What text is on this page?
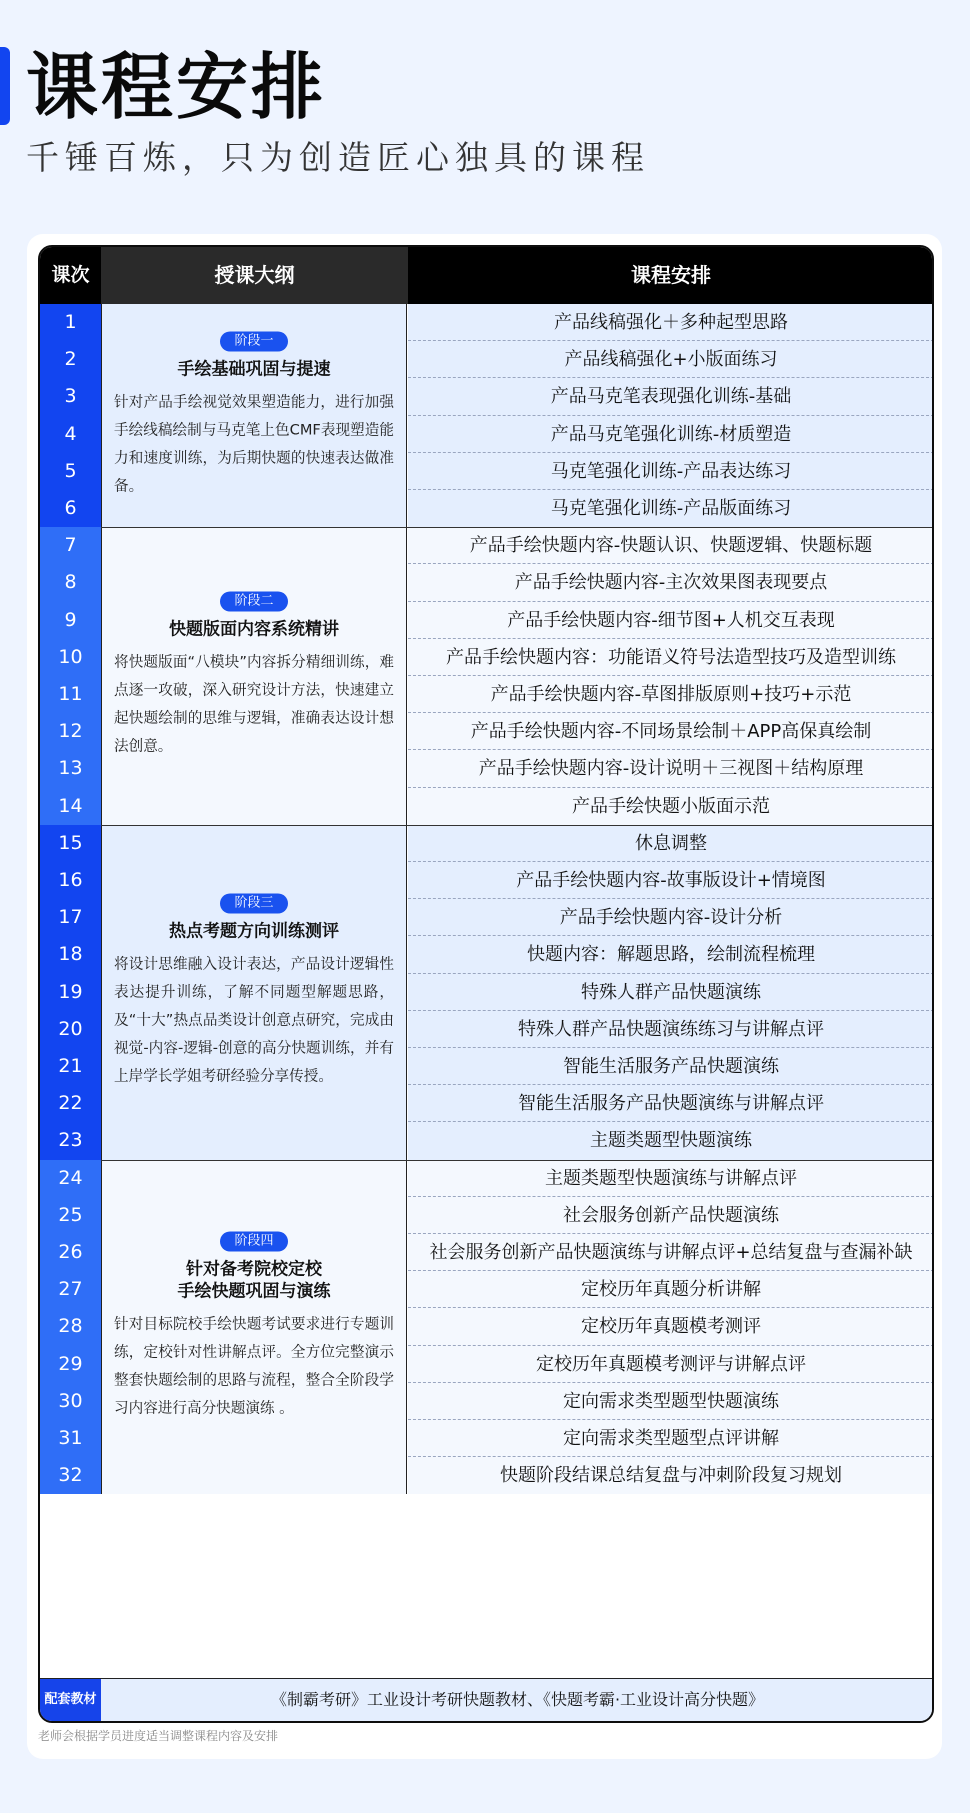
课程安排

千锤百炼，只为创造匠心独具的课程

课次	授课大纲	课程安排
配套教材	《制霸考研》工业设计考研快题教材、《快题考霸·工业设计高分快题》
阶段一

手绘基础巩固与提速

针对产品手绘视觉效果塑造能力，进行加强手绘线稿绘制与马克笔上色CMF表现塑造能力和速度训练，为后期快题的快速表达做准备。

1	产品线稿强化＋多种起型思路
2	产品线稿强化+小版面练习
3	产品马克笔表现强化训练-基础
4	产品马克笔强化训练-材质塑造
5	马克笔强化训练-产品表达练习
6	马克笔强化训练-产品版面练习
阶段二

快题版面内容系统精讲

将快题版面“八模块”内容拆分精细训练，难点逐一攻破，深入研究设计方法，快速建立起快题绘制的思维与逻辑，准确表达设计想法创意。

7	产品手绘快题内容-快题认识、快题逻辑、快题标题
8	产品手绘快题内容-主次效果图表现要点
9	产品手绘快题内容-细节图+人机交互表现
10	产品手绘快题内容：功能语义符号法造型技巧及造型训练
11	产品手绘快题内容-草图排版原则+技巧+示范
12	产品手绘快题内容-不同场景绘制＋APP高保真绘制
13	产品手绘快题内容-设计说明＋三视图＋结构原理
14	产品手绘快题小版面示范
阶段三

热点考题方向训练测评

将设计思维融入设计表达，产品设计逻辑性表达提升训练，了解不同题型解题思路，及“十大”热点品类设计创意点研究，完成由视觉-内容-逻辑-创意的高分快题训练，并有上岸学长学姐考研经验分享传授。

15	休息调整
16	产品手绘快题内容-故事版设计+情境图
17	产品手绘快题内容-设计分析
18	快题内容：解题思路，绘制流程梳理
19	特殊人群产品快题演练
20	特殊人群产品快题演练练习与讲解点评
21	智能生活服务产品快题演练
22	智能生活服务产品快题演练与讲解点评
23	主题类题型快题演练
阶段四

针对备考院校定校
手绘快题巩固与演练

针对目标院校手绘快题考试要求进行专题训练，定校针对性讲解点评。全方位完整演示整套快题绘制的思路与流程，整合全阶段学习内容进行高分快题演练 。

24	主题类题型快题演练与讲解点评
25	社会服务创新产品快题演练
26	社会服务创新产品快题演练与讲解点评+总结复盘与查漏补缺
27	定校历年真题分析讲解
28	定校历年真题模考测评
29	定校历年真题模考测评与讲解点评
30	定向需求类型题型快题演练
31	定向需求类型题型点评讲解
32	快题阶段结课总结复盘与冲刺阶段复习规划

老师会根据学员进度适当调整课程内容及安排
